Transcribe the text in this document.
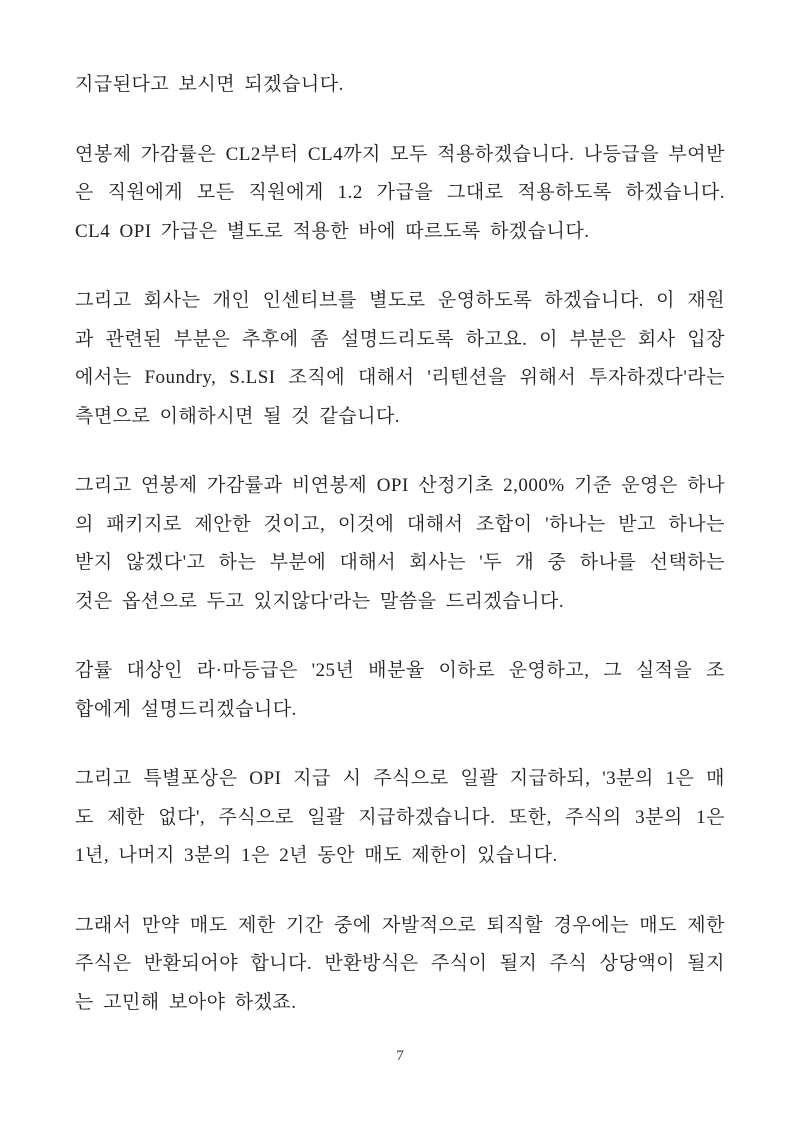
지급된다고 보시면 되겠습니다.
연봉제 가감률은 CL2부터 CL4까지 모두 적용하겠습니다. 나등급을 부여받
은 직원에게 모든 직원에게 1.2 가급을 그대로 적용하도록 하겠습니다.
CL4 OPI 가급은 별도로 적용한 바에 따르도록 하겠습니다.
그리고 회사는 개인 인센티브를 별도로 운영하도록 하겠습니다. 이 재원
과 관련된 부분은 추후에 좀 설명드리도록 하고요. 이 부분은 회사 입장
에서는 Foundry, S.LSI 조직에 대해서 '리텐션을 위해서 투자하겠다'라는
측면으로 이해하시면 될 것 같습니다.
그리고 연봉제 가감률과 비연봉제 OPI 산정기초 2,000% 기준 운영은 하나
의 패키지로 제안한 것이고, 이것에 대해서 조합이 '하나는 받고 하나는
받지 않겠다'고 하는 부분에 대해서 회사는 '두 개 중 하나를 선택하는
것은 옵션으로 두고 있지않다'라는 말씀을 드리겠습니다.
감률 대상인 라·마등급은 '25년 배분율 이하로 운영하고, 그 실적을 조
합에게 설명드리겠습니다.
그리고 특별포상은 OPI 지급 시 주식으로 일괄 지급하되, '3분의 1은 매
도 제한 없다', 주식으로 일괄 지급하겠습니다. 또한, 주식의 3분의 1은
1년, 나머지 3분의 1은 2년 동안 매도 제한이 있습니다.
그래서 만약 매도 제한 기간 중에 자발적으로 퇴직할 경우에는 매도 제한
주식은 반환되어야 합니다. 반환방식은 주식이 될지 주식 상당액이 될지
는 고민해 보아야 하겠죠.
7
